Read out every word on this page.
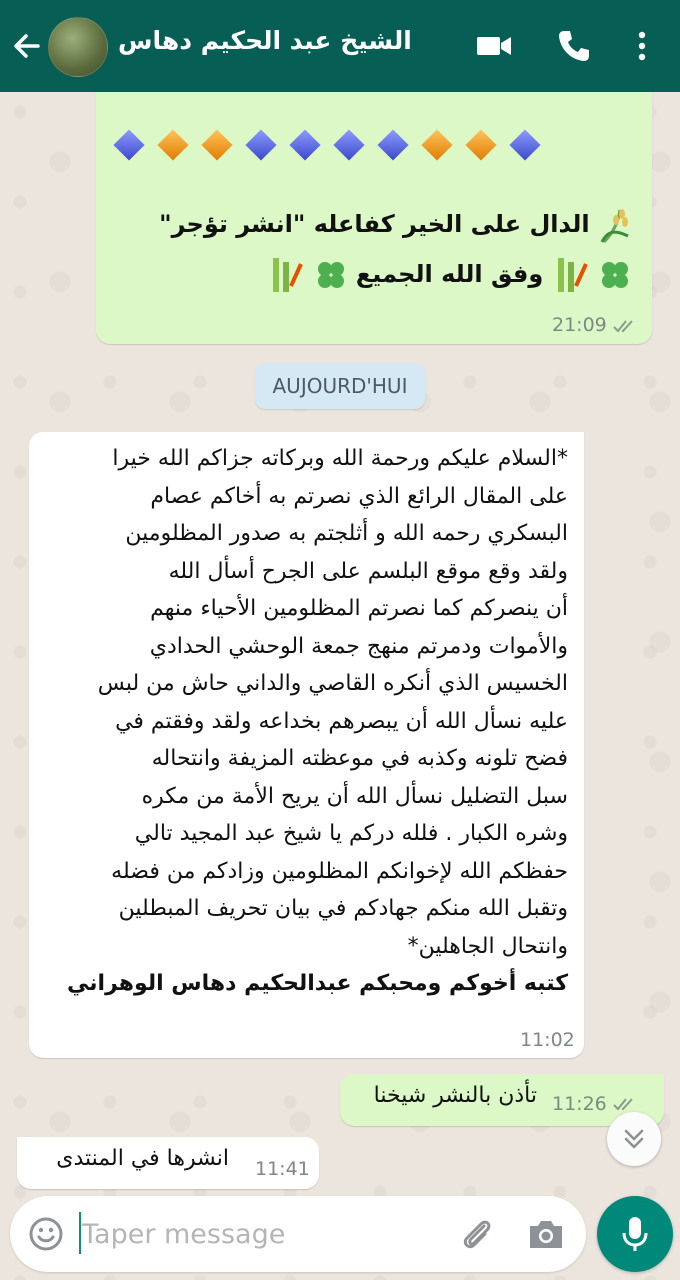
الشيخ عبد الحكيم دهاس
الدال على الخير كفاعله "انشر تؤجر"
وفق الله الجميع
21:09
AUJOURD'HUI

*السلام عليكم ورحمة الله وبركاته جزاكم الله خيرا

على المقال الرائع الذي نصرتم به أخاكم عصام

البسكري رحمه الله و أثلجتم به صدور المظلومين

ولقد وقع موقع البلسم على الجرح أسأل الله

أن ينصركم كما نصرتم المظلومين الأحياء منهم

والأموات ودمرتم منهج جمعة الوحشي الحدادي

الخسيس الذي أنكره القاصي والداني حاش من لبس

عليه نسأل الله أن يبصرهم بخداعه ولقد وفقتم في

فضح تلونه وكذبه في موعظته المزيفة وانتحاله

سبل التضليل نسأل الله أن يريح الأمة من مكره

وشره الكبار . فلله دركم يا شيخ عبد المجيد تالي

حفظكم الله لإخوانكم المظلومين وزادكم من فضله

وتقبل الله منكم جهادكم في بيان تحريف المبطلين

وانتحال الجاهلين*

كتبه أخوكم ومحبكم عبدالحكيم دهاس الوهراني

11:02
تأذن بالنشر شيخنا 11:26
انشرها في المنتدى 11:41
Taper message
